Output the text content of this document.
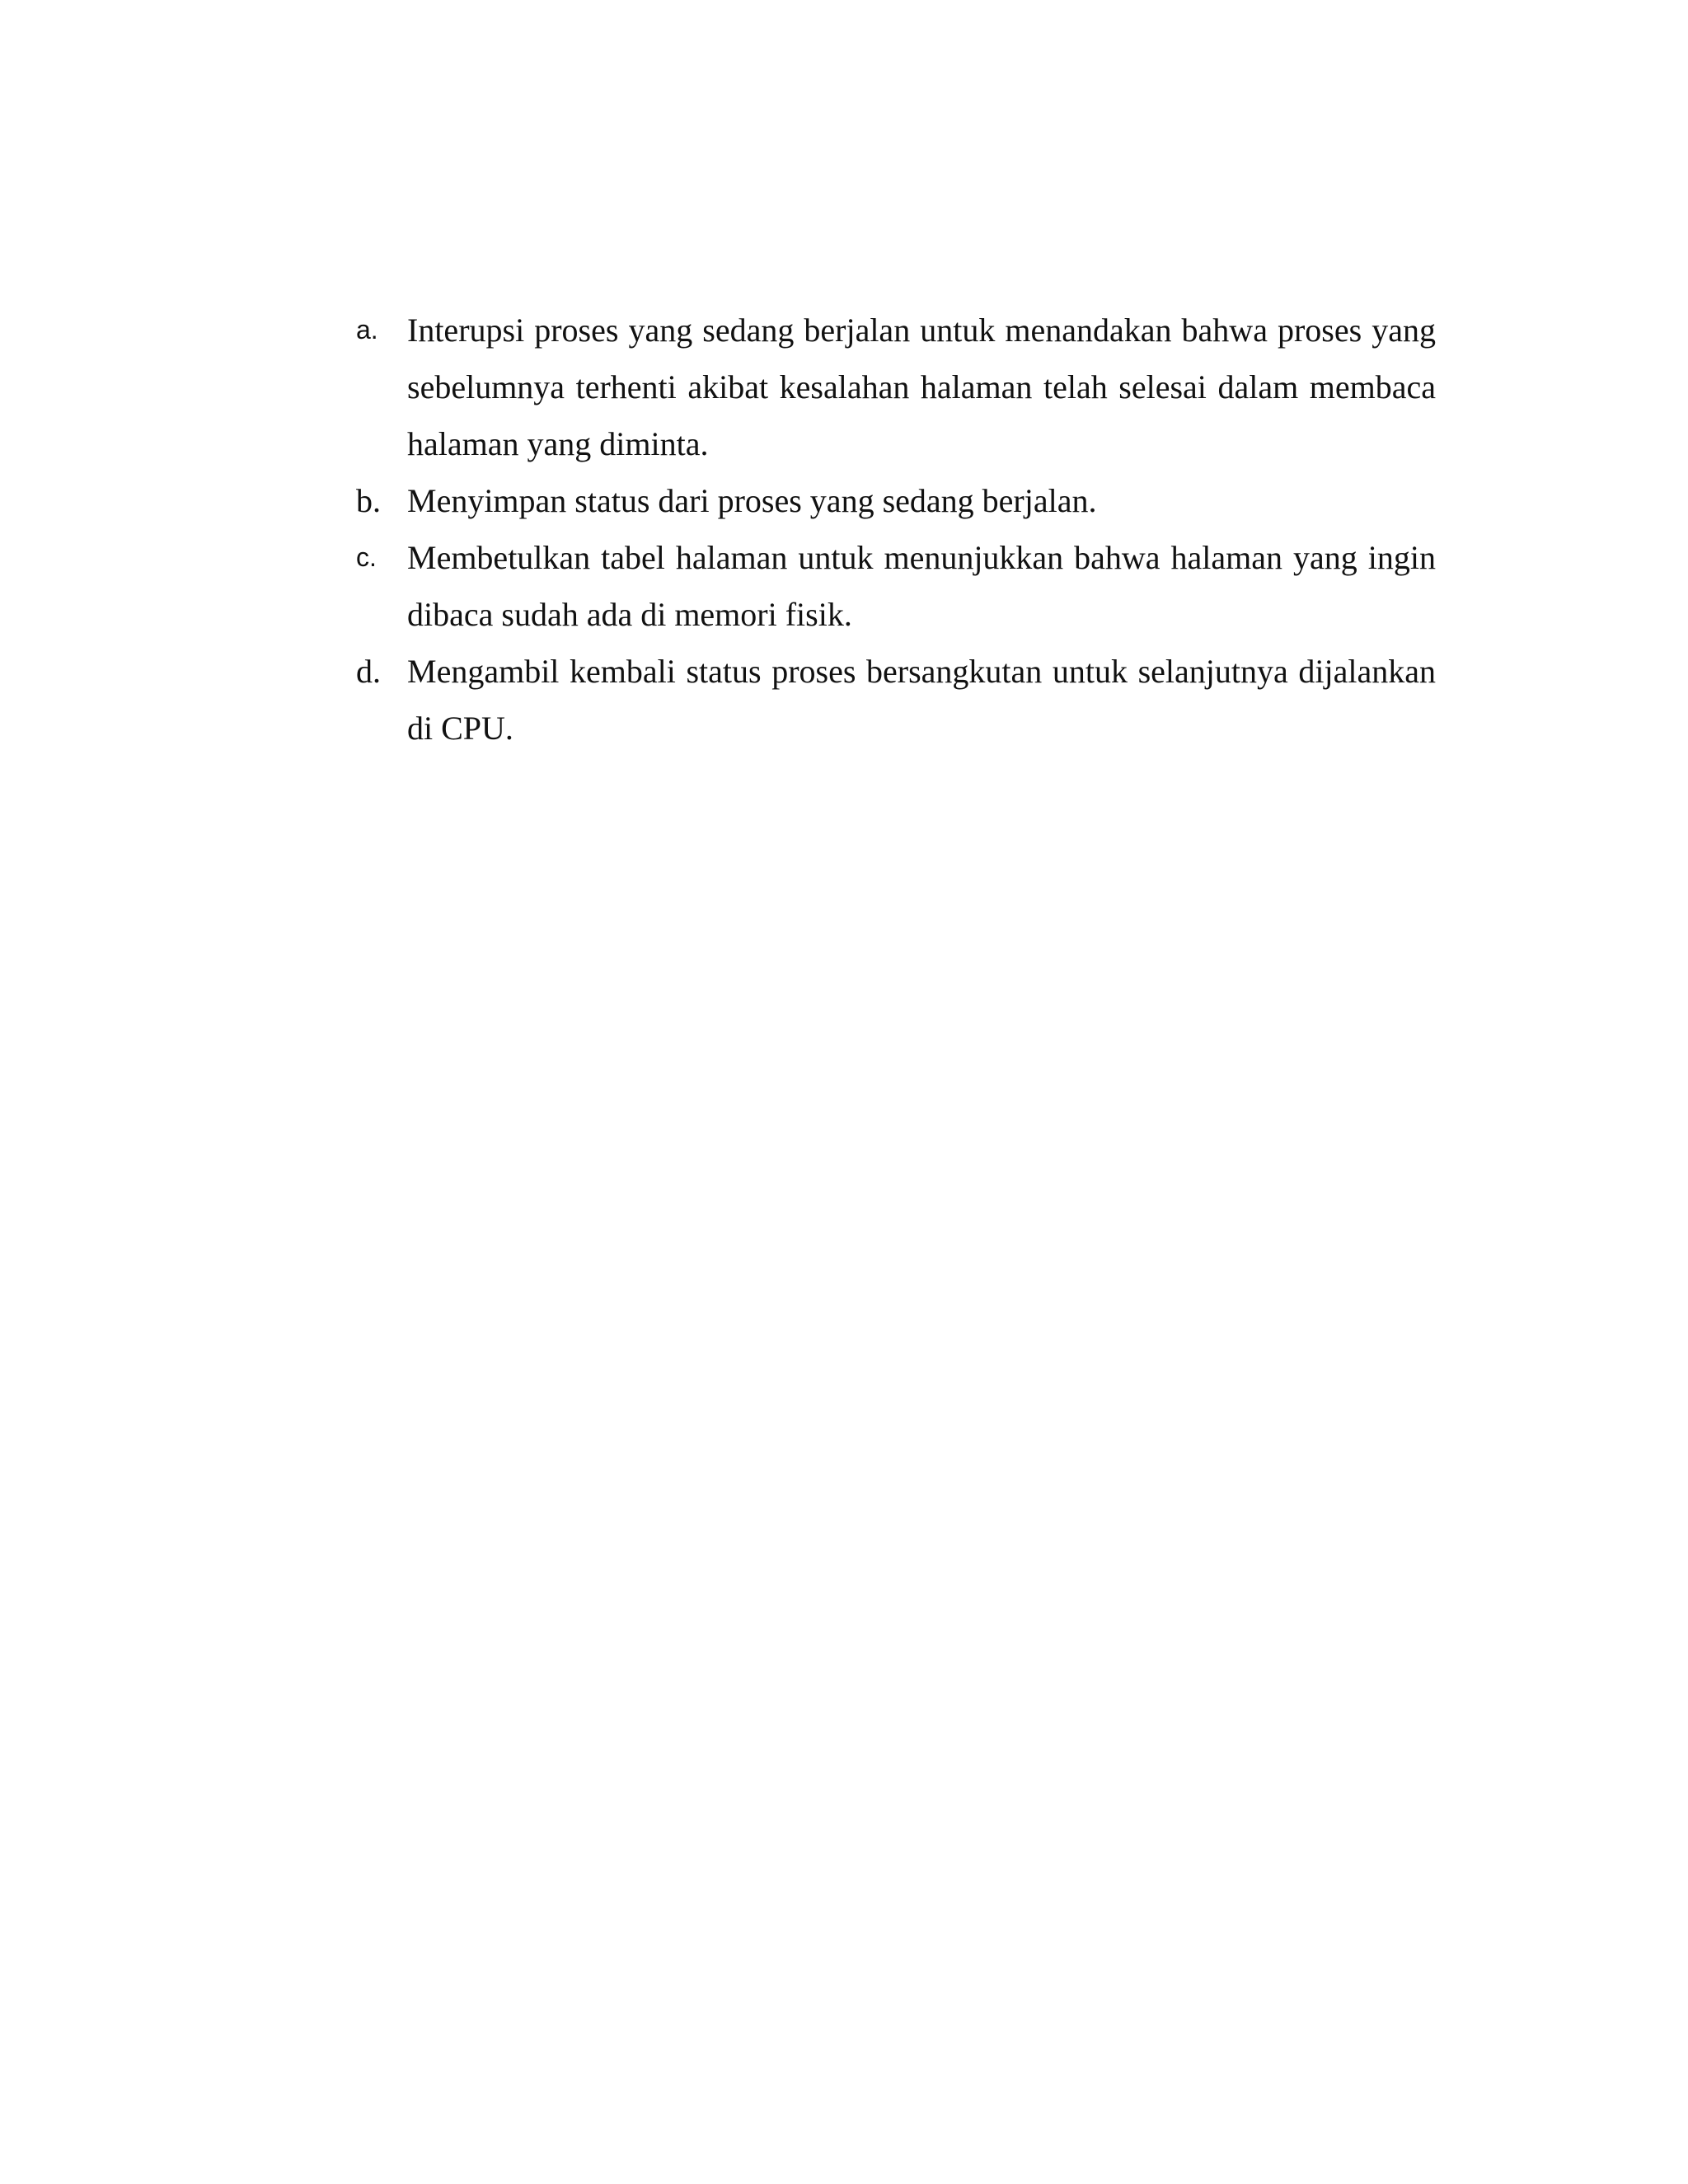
a. Interupsi proses yang sedang berjalan untuk menandakan bahwa proses yang sebelumnya terhenti akibat kesalahan halaman telah selesai dalam membaca halaman yang diminta.
b. Menyimpan status dari proses yang sedang berjalan.
c. Membetulkan tabel halaman untuk menunjukkan bahwa halaman yang ingin dibaca sudah ada di memori fisik.
d. Mengambil kembali status proses bersangkutan untuk selanjutnya dijalankan di CPU.
